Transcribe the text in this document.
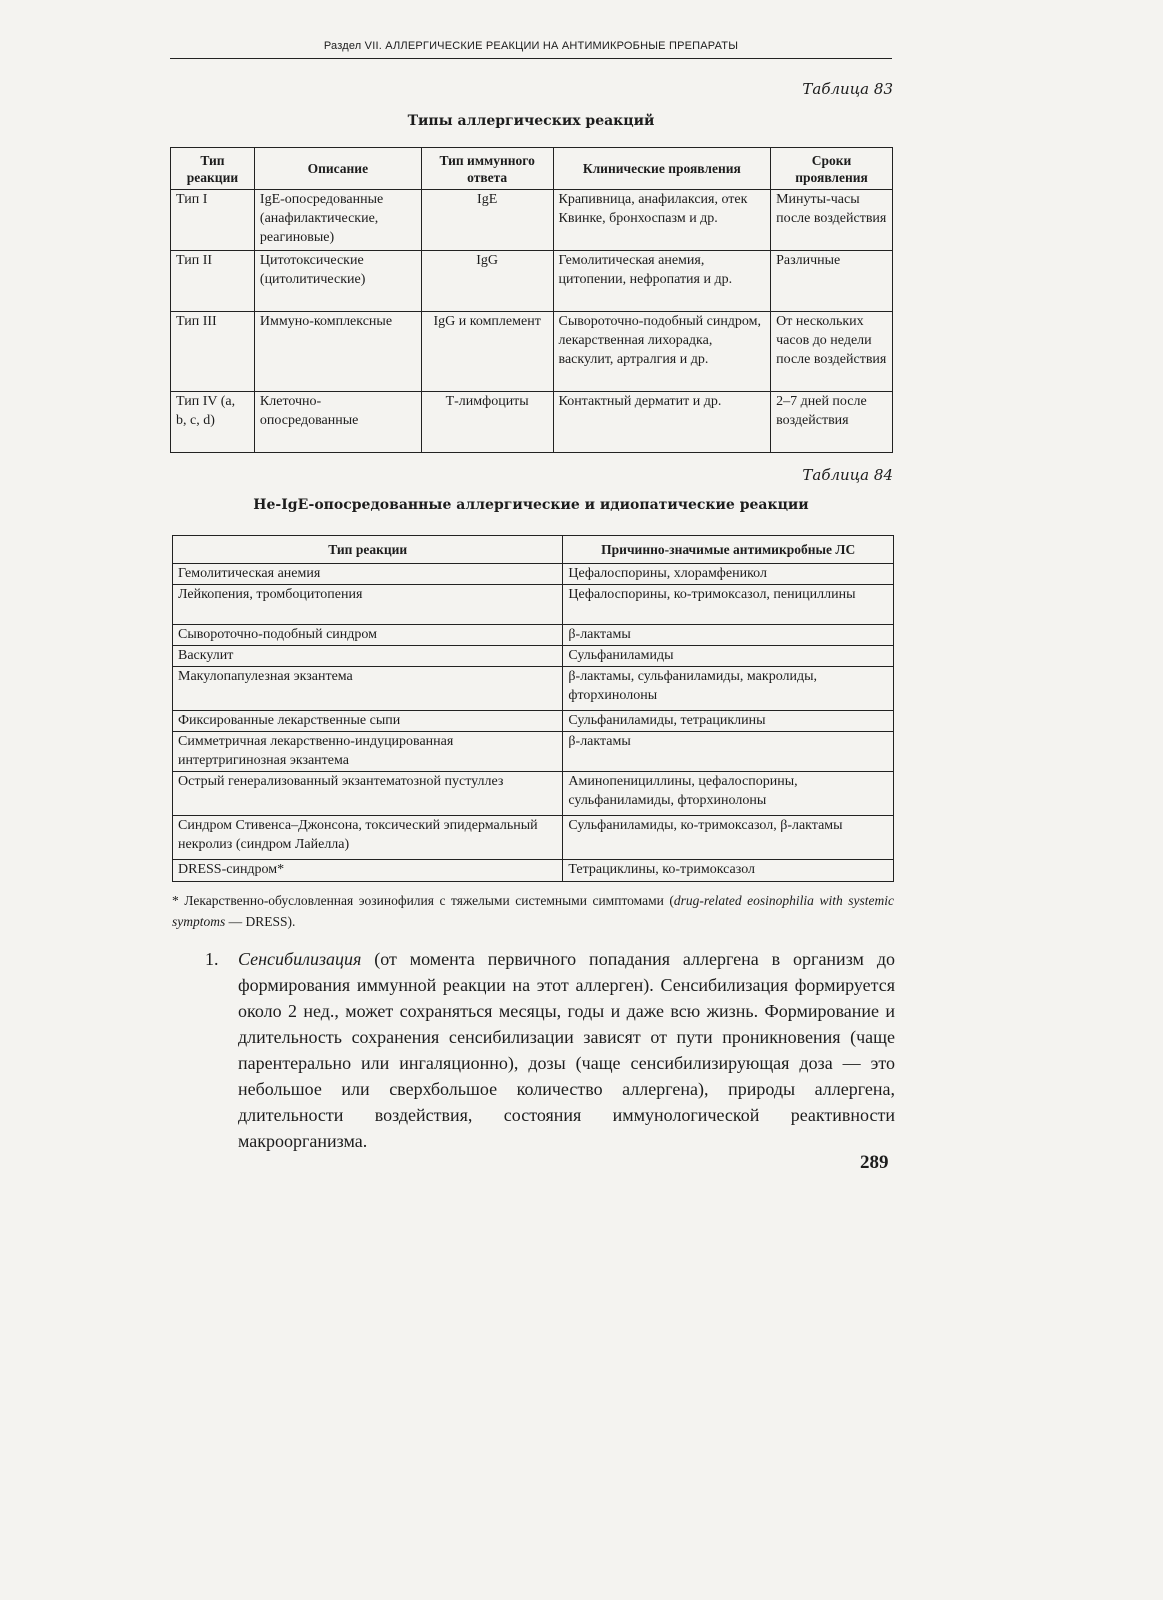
Раздел VII. АЛЛЕРГИЧЕСКИЕ РЕАКЦИИ НА АНТИМИКРОБНЫЕ ПРЕПАРАТЫ
Таблица 83
Типы аллергических реакций
Тип реакции	Описание	Тип иммунного ответа	Клинические проявления	Сроки проявления
Тип I	IgE-опосредованные (анафилактические, реагиновые)	IgE	Крапивница, анафилаксия, отек Квинке, бронхоспазм и др.	Минуты-часы после воздействия
Тип II	Цитотоксические (цитолитические)	IgG	Гемолитическая анемия, цитопении, нефропатия и др.	Различные
Тип III	Иммуно-комплексные	IgG и комплемент	Сывороточно-подобный синдром, лекарственная лихорадка, васкулит, артралгия и др.	От нескольких часов до недели после воздействия
Тип IV (a, b, c, d)	Клеточно-опосредованные	Т-лимфоциты	Контактный дерматит и др.	2–7 дней после воздействия
Таблица 84
Не-IgE-опосредованные аллергические и идиопатические реакции
Тип реакции	Причинно-значимые антимикробные ЛС
Гемолитическая анемия	Цефалоспорины, хлорамфеникол
Лейкопения, тромбоцитопения	Цефалоспорины, ко-тримоксазол, пенициллины
Сывороточно-подобный синдром	β-лактамы
Васкулит	Сульфаниламиды
Макулопапулезная экзантема	β-лактамы, сульфаниламиды, макролиды, фторхинолоны
Фиксированные лекарственные сыпи	Сульфаниламиды, тетрациклины
Симметричная лекарственно-индуцированная интертригинозная экзантема	β-лактамы
Острый генерализованный экзантематозной пустуллез	Аминопенициллины, цефалоспорины, сульфаниламиды, фторхинолоны
Синдром Стивенса–Джонсона, токсический эпидермальный некролиз (синдром Лайелла)	Сульфаниламиды, ко-тримоксазол, β-лактамы
DRESS-синдром*	Тетрациклины, ко-тримоксазол
* Лекарственно-обусловленная эозинофилия с тяжелыми системными симптомами (drug-related eosinophilia with systemic symptoms — DRESS).
1. Сенсибилизация (от момента первичного попадания аллергена в организм до формирования иммунной реакции на этот аллерген). Сенсибилизация формируется около 2 нед., может сохраняться месяцы, годы и даже всю жизнь. Формирование и длительность сохранения сенсибилизации зависят от пути проникновения (чаще парентерально или ингаляционно), дозы (чаще сенсибилизирующая доза — это небольшое или сверхбольшое количество аллергена), природы аллергена, длительности воздействия, состояния иммунологической реактивности макроорганизма.
289
